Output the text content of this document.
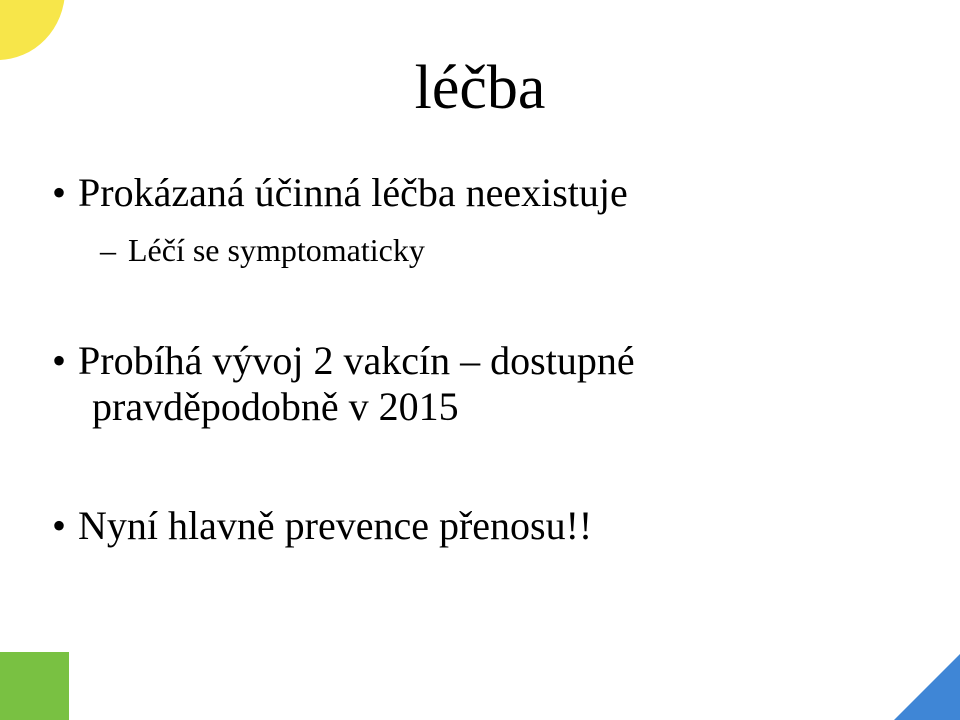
léčba
• Prokázaná účinná léčba neexistuje
– Léčí se symptomaticky
• Probíhá vývoj 2 vakcín – dostupné
pravděpodobně v 2015
• Nyní hlavně prevence přenosu!!
